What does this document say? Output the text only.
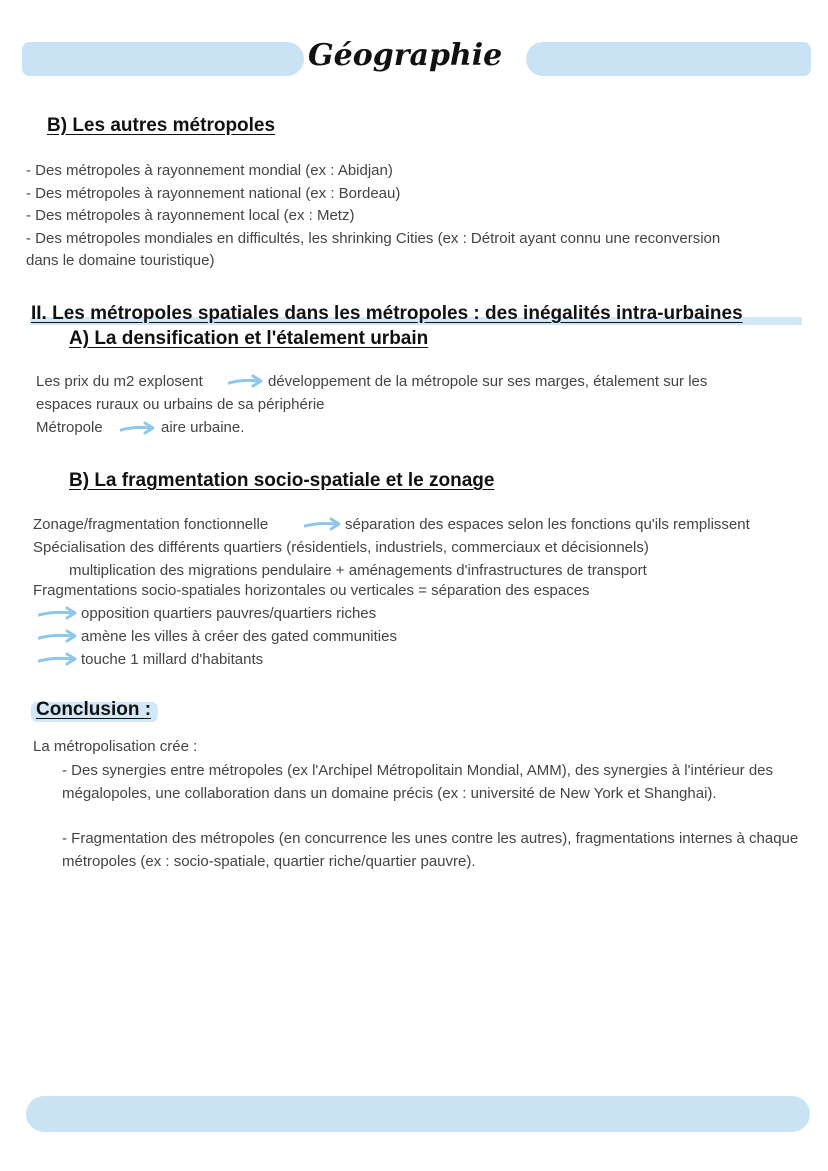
Géographie
B) Les autres métropoles
- Des métropoles à rayonnement mondial (ex : Abidjan)
- Des métropoles à rayonnement national (ex : Bordeau)
- Des métropoles à rayonnement local (ex : Metz)
- Des métropoles mondiales en difficultés, les shrinking Cities (ex : Détroit ayant connu une reconversion
dans le domaine touristique)
II. Les métropoles spatiales dans les métropoles : des inégalités intra-urbaines
A) La densification et l'étalement urbain
Les prix du m2 explosent	développement de la métropole sur ses marges, étalement sur les
espaces ruraux ou urbains de sa périphérie
Métropole	aire urbaine.
B) La fragmentation socio-spatiale et le zonage
Zonage/fragmentation fonctionnelle	séparation des espaces selon les fonctions qu'ils remplissent
Spécialisation des différents quartiers (résidentiels, industriels, commerciaux et décisionnels)
multiplication des migrations pendulaire + aménagements d'infrastructures de transport
Fragmentations socio-spatiales horizontales ou verticales = séparation des espaces
opposition quartiers pauvres/quartiers riches
amène les villes à créer des gated communities
touche 1 millard d'habitants
Conclusion :
La métropolisation crée :
- Des synergies entre métropoles (ex l'Archipel Métropolitain Mondial, AMM), des synergies à l'intérieur des mégalopoles, une collaboration dans un domaine précis (ex : université de New York et Shanghai).
- Fragmentation des métropoles (en concurrence les unes contre les autres), fragmentations internes à chaque métropoles (ex : socio-spatiale, quartier riche/quartier pauvre).
